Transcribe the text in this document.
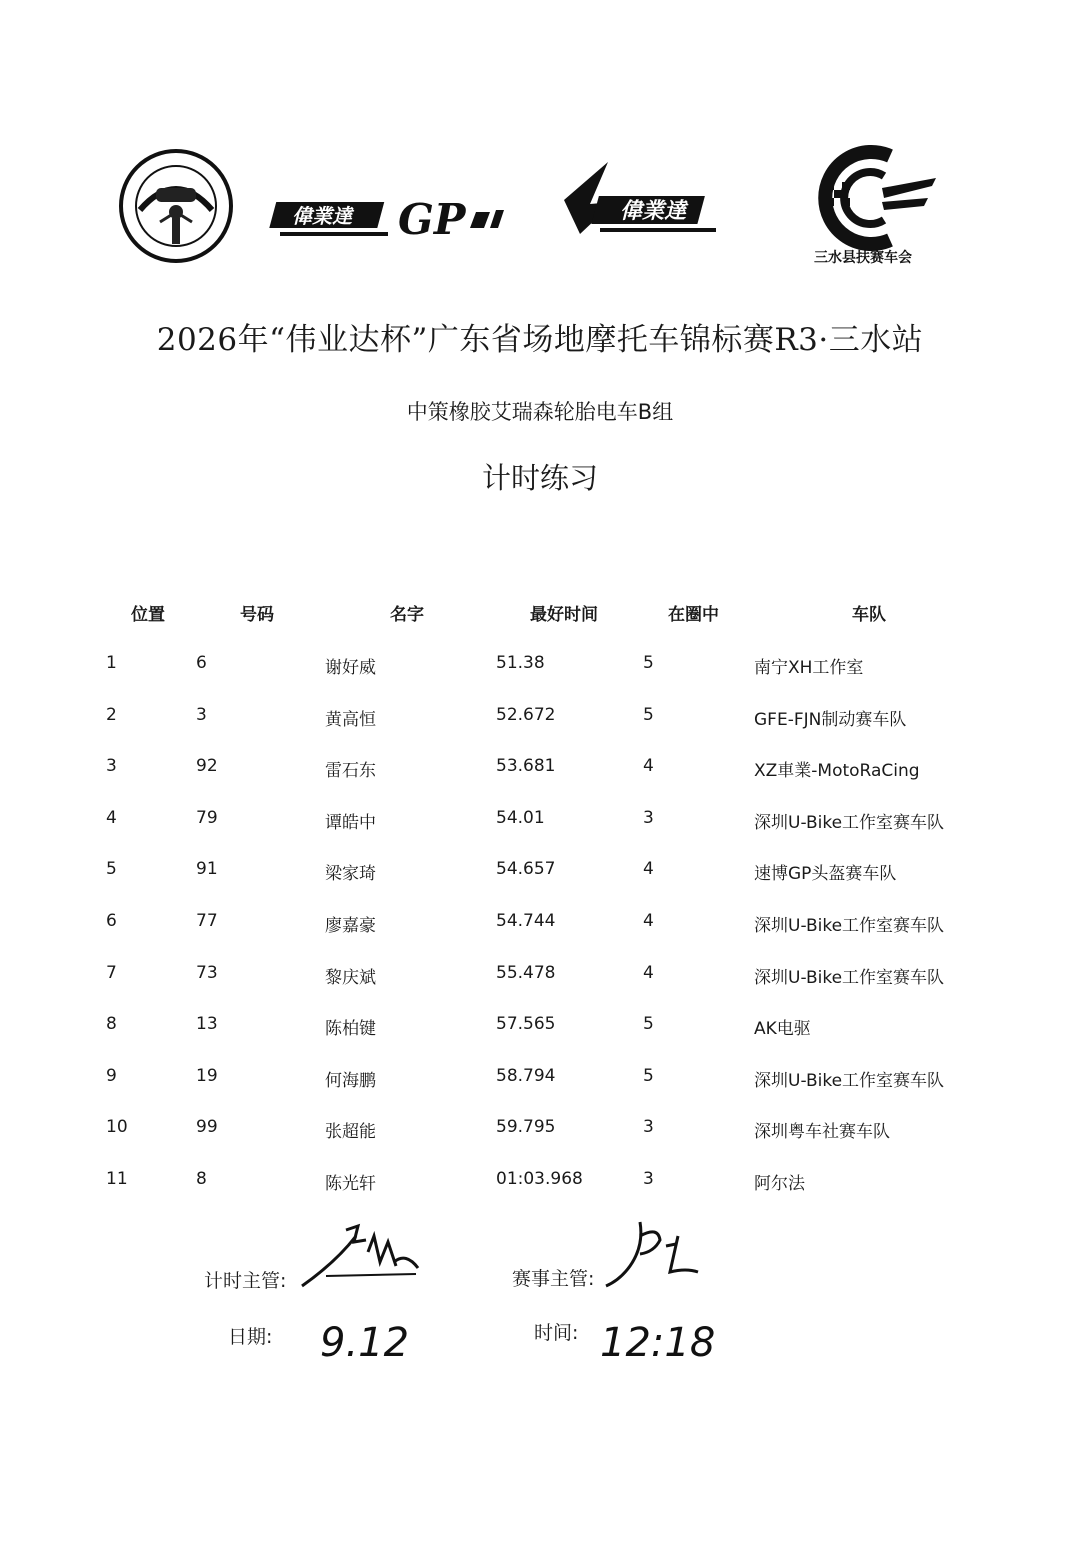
偉業達 GP	偉業達
三水县扶赛车会
2026年“伟业达杯”广东省场地摩托车锦标赛R3·三水站
中策橡胶艾瑞森轮胎电车B组
计时练习
位置	号码	名字	最好时间	在圈中	车队
1	6	谢好威	51.38	5	南宁XH工作室
2	3	黄高恒	52.672	5	GFE-FJN制动赛车队
3	92	雷石东	53.681	4	XZ車業-MotoRaCing
4	79	谭皓中	54.01	3	深圳U-Bike工作室赛车队
5	91	梁家琦	54.657	4	速博GP头盔赛车队
6	77	廖嘉豪	54.744	4	深圳U-Bike工作室赛车队
7	73	黎庆斌	55.478	4	深圳U-Bike工作室赛车队
8	13	陈柏键	57.565	5	AK电驱
9	19	何海鹏	58.794	5	深圳U-Bike工作室赛车队
10	99	张超能	59.795	3	深圳粤车社赛车队
11	8	陈光轩	01:03.968	3	阿尔法
计时主管:	赛事主管:
日期: 9.12	时间: 12:18
